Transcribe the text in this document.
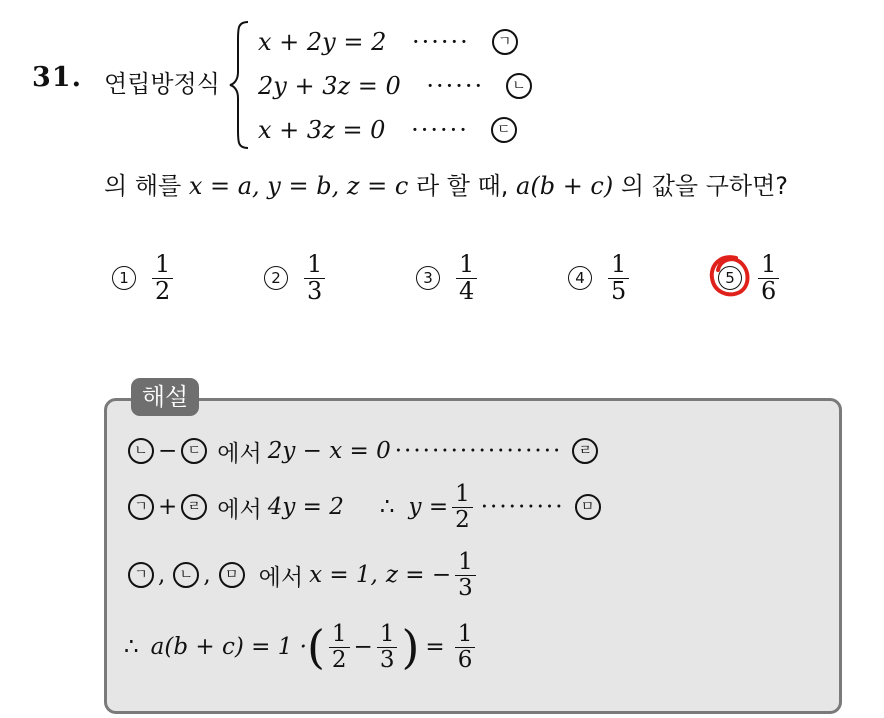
31. 연립방정식
x + 2y = 2 ······ ㄱ
2y + 3z = 0 ······ ㄴ
x + 3z = 0 ······ ㄷ
의 해를 x = a, y = b, z = c 라 할 때, a(b + c) 의 값을 구하면?
$1 \frac{1}{2}$	$2 \frac{1}{3}$	$3 \frac{1}{4}$	$4 \frac{1}{5}$	$5 \frac{1}{6}$
해설
ㄴ − ㄷ 에서 2y − x = 0 ··················	ㄹ
ㄱ + ㄹ 에서 4y = 2 ∴ $y = \frac{1}{2}$ ·········	ㅁ
ㄱ ,	ㄴ ,	ㅁ 에서 x = 1, z = − $\frac{1}{3}$
∴ a(b + c) = 1 · ( $\frac{1}{2} - \frac{1}{3}$ ) = $\frac{1}{6}$
